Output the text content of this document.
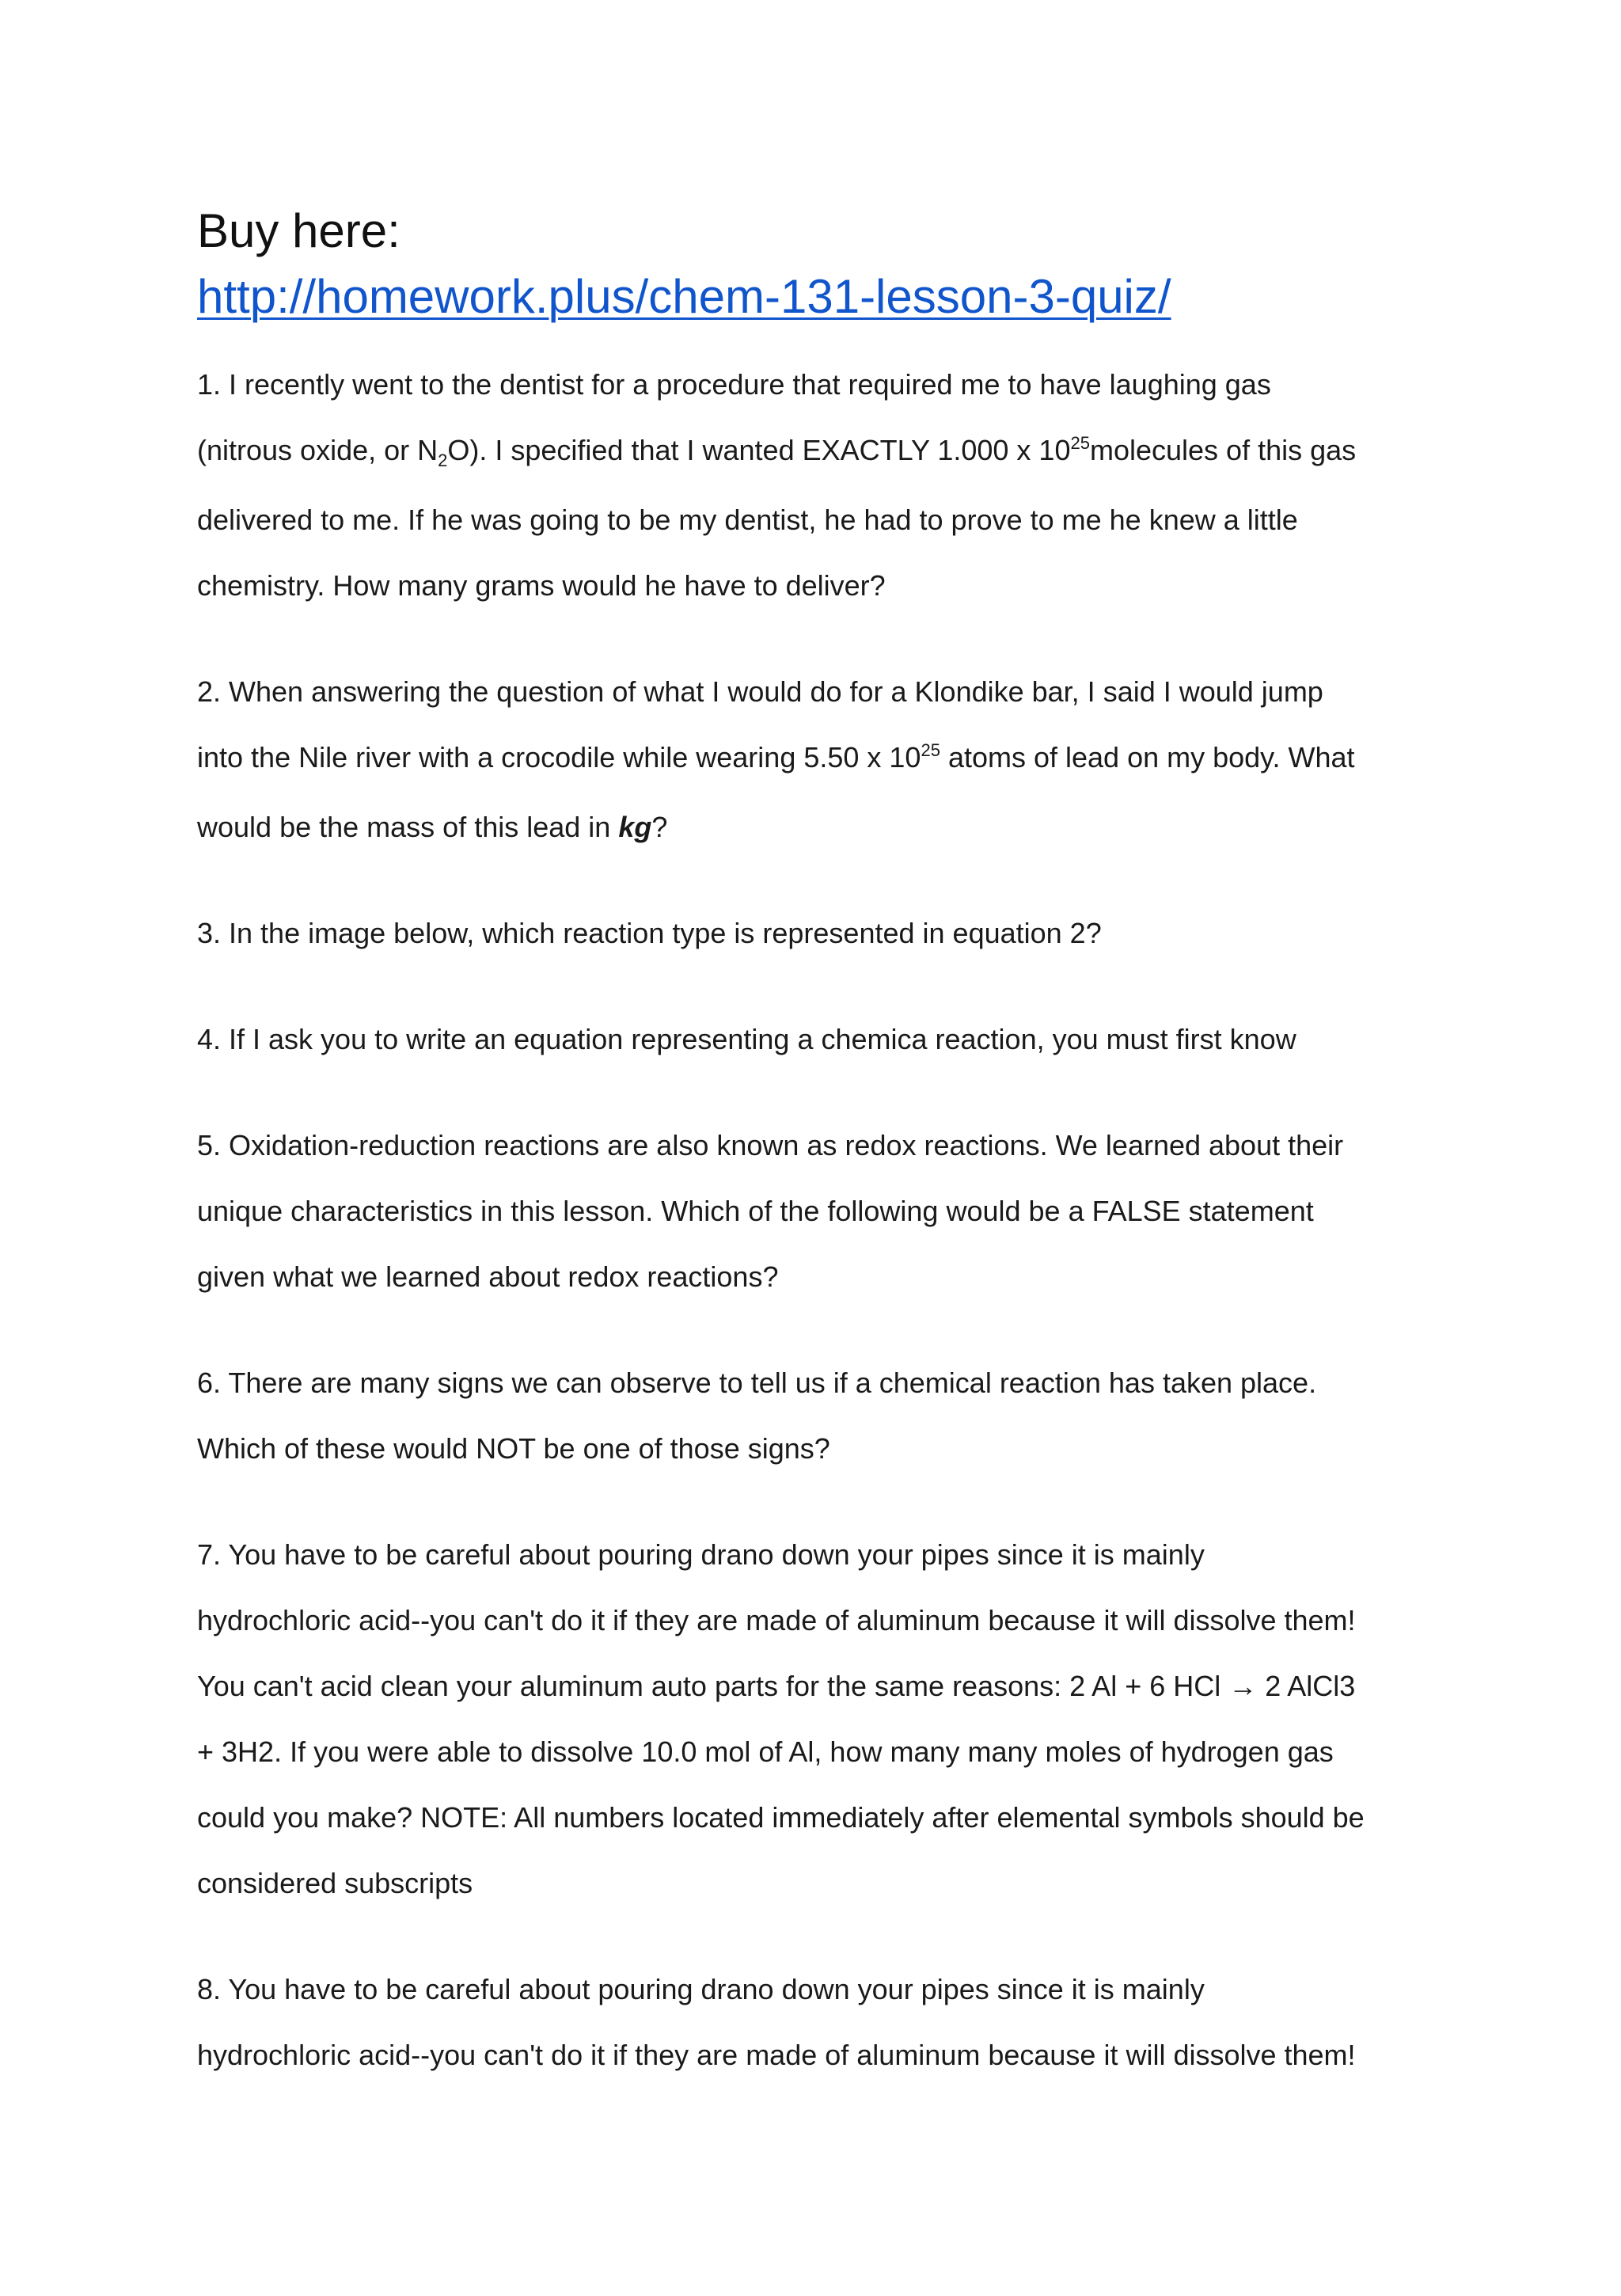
Buy here:
http://homework.plus/chem-131-lesson-3-quiz/

1. I recently went to the dentist for a procedure that required me to have laughing gas
(nitrous oxide, or $N_2O$). I specified that I wanted EXACTLY 1.000 x $10^{25}molecules$ of this gas
delivered to me. If he was going to be my dentist, he had to prove to me he knew a little
chemistry. How many grams would he have to deliver?

2. When answering the question of what I would do for a Klondike bar, I said I would jump
into the Nile river with a crocodile while wearing 5.50 x $10^{25}$ atoms of lead on my body. What
would be the mass of this lead in kg?

3. In the image below, which reaction type is represented in equation 2?

4. If I ask you to write an equation representing a chemica reaction, you must first know

5. Oxidation-reduction reactions are also known as redox reactions. We learned about their
unique characteristics in this lesson. Which of the following would be a FALSE statement
given what we learned about redox reactions?

6. There are many signs we can observe to tell us if a chemical reaction has taken place.
Which of these would NOT be one of those signs?

7. You have to be careful about pouring drano down your pipes since it is mainly
hydrochloric acid--you can't do it if they are made of aluminum because it will dissolve them!
You can't acid clean your aluminum auto parts for the same reasons: 2 Al + 6 HCl → 2 AlCl3
+ 3H2. If you were able to dissolve 10.0 mol of Al, how many many moles of hydrogen gas
could you make? NOTE: All numbers located immediately after elemental symbols should be
considered subscripts

8. You have to be careful about pouring drano down your pipes since it is mainly
hydrochloric acid--you can't do it if they are made of aluminum because it will dissolve them!
